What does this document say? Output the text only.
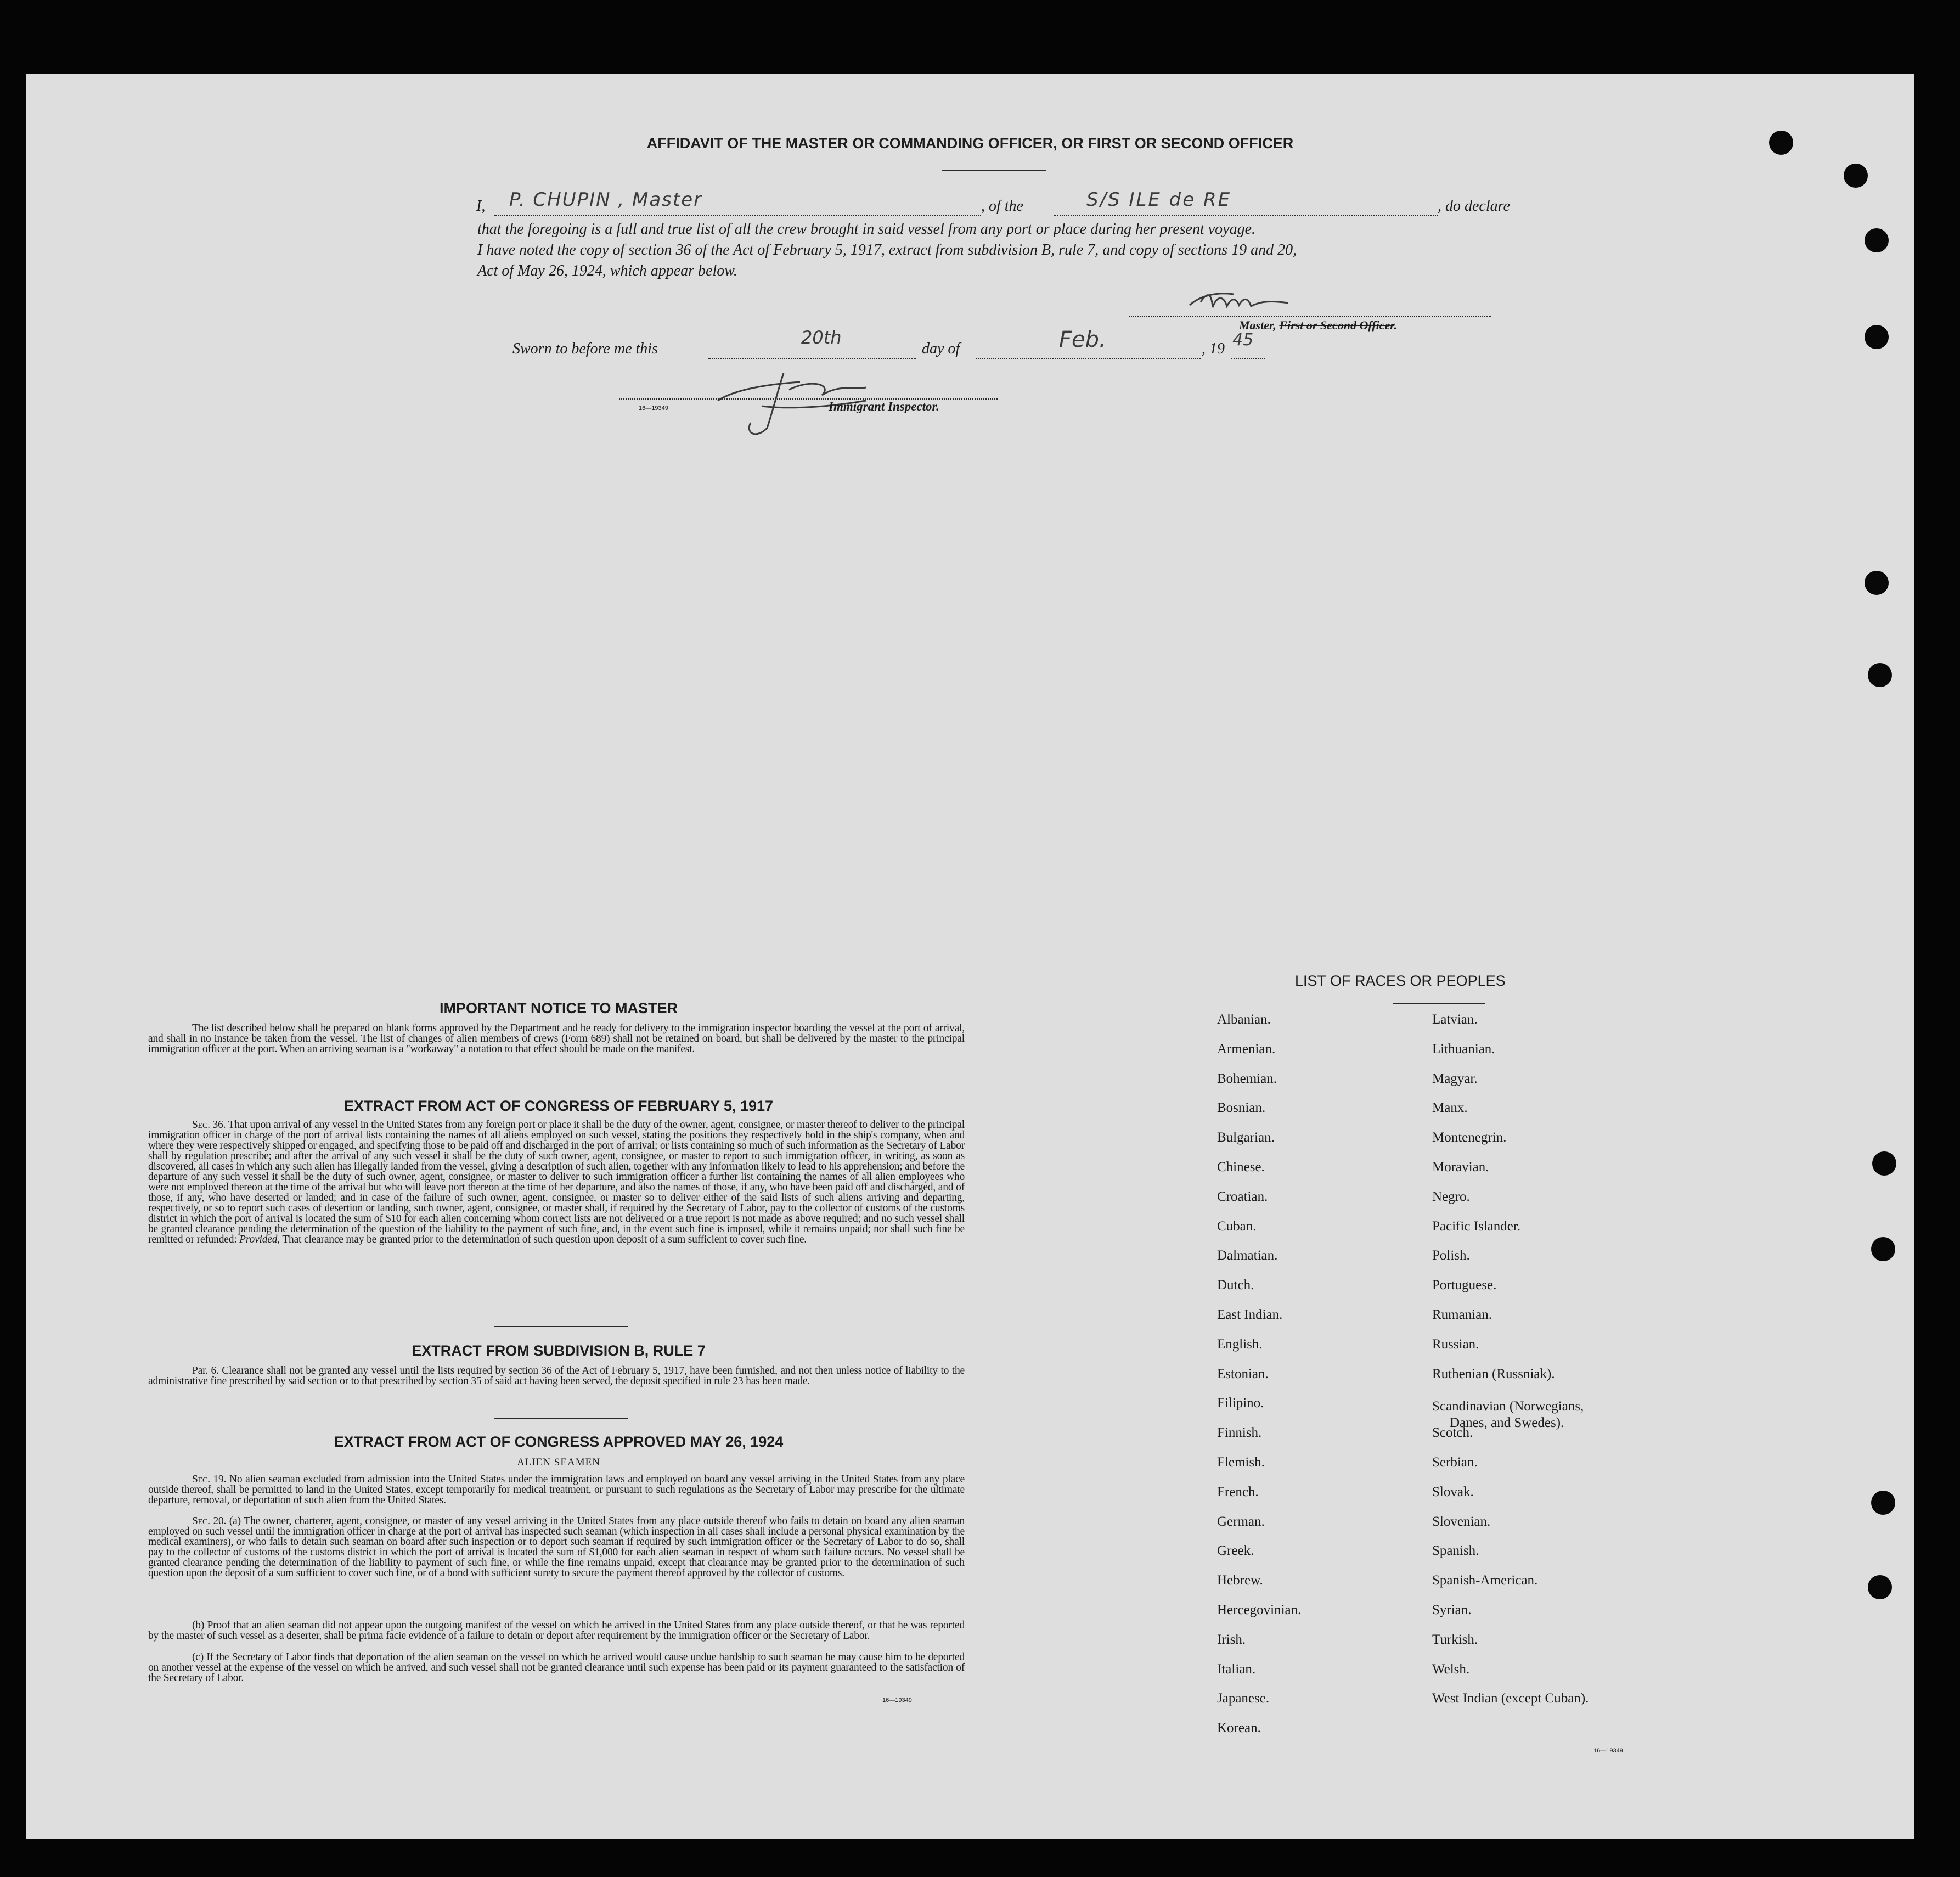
AFFIDAVIT OF THE MASTER OR COMMANDING OFFICER, OR FIRST OR SECOND OFFICER
I, P. CHUPIN , Master	, of the	S/S ILE de RE	, do declare
that the foregoing is a full and true list of all the crew brought in said vessel from any port or place during her present voyage.
I have noted the copy of section 36 of the Act of February 5, 1917, extract from subdivision B, rule 7, and copy of sections 19 and 20,
Act of May 26, 1924, which appear below.
Master, First or Second Officer.
Sworn to before me this
20th
day of	Feb.	, 19 45
16—19349	Immigrant Inspector.
IMPORTANT NOTICE TO MASTER
The list described below shall be prepared on blank forms approved by the Department and be ready for delivery to the immigration inspector boarding the vessel at the port of arrival, and shall in no instance be taken from the vessel. The list of changes of alien members of crews (Form 689) shall not be retained on board, but shall be delivered by the master to the principal immigration officer at the port. When an arriving seaman is a "workaway" a notation to that effect should be made on the manifest.
EXTRACT FROM ACT OF CONGRESS OF FEBRUARY 5, 1917
Sec. 36. That upon arrival of any vessel in the United States from any foreign port or place it shall be the duty of the owner, agent, consignee, or master thereof to deliver to the principal immigration officer in charge of the port of arrival lists containing the names of all aliens employed on such vessel, stating the positions they respectively hold in the ship's company, when and where they were respectively shipped or engaged, and specifying those to be paid off and discharged in the port of arrival; or lists containing so much of such information as the Secretary of Labor shall by regulation prescribe; and after the arrival of any such vessel it shall be the duty of such owner, agent, consignee, or master to report to such immigration officer, in writing, as soon as discovered, all cases in which any such alien has illegally landed from the vessel, giving a description of such alien, together with any information likely to lead to his apprehension; and before the departure of any such vessel it shall be the duty of such owner, agent, consignee, or master to deliver to such immigration officer a further list containing the names of all alien employees who were not employed thereon at the time of the arrival but who will leave port thereon at the time of her departure, and also the names of those, if any, who have been paid off and discharged, and of those, if any, who have deserted or landed; and in case of the failure of such owner, agent, consignee, or master so to deliver either of the said lists of such aliens arriving and departing, respectively, or so to report such cases of desertion or landing, such owner, agent, consignee, or master shall, if required by the Secretary of Labor, pay to the collector of customs of the customs district in which the port of arrival is located the sum of $10 for each alien concerning whom correct lists are not delivered or a true report is not made as above required; and no such vessel shall be granted clearance pending the determination of the question of the liability to the payment of such fine, and, in the event such fine is imposed, while it remains unpaid; nor shall such fine be remitted or refunded: Provided, That clearance may be granted prior to the determination of such question upon deposit of a sum sufficient to cover such fine.
EXTRACT FROM SUBDIVISION B, RULE 7
Par. 6. Clearance shall not be granted any vessel until the lists required by section 36 of the Act of February 5, 1917, have been furnished, and not then unless notice of liability to the administrative fine prescribed by said section or to that prescribed by section 35 of said act having been served, the deposit specified in rule 23 has been made.
EXTRACT FROM ACT OF CONGRESS APPROVED MAY 26, 1924
ALIEN SEAMEN
Sec. 19. No alien seaman excluded from admission into the United States under the immigration laws and employed on board any vessel arriving in the United States from any place outside thereof, shall be permitted to land in the United States, except temporarily for medical treatment, or pursuant to such regulations as the Secretary of Labor may prescribe for the ultimate departure, removal, or deportation of such alien from the United States.
Sec. 20. (a) The owner, charterer, agent, consignee, or master of any vessel arriving in the United States from any place outside thereof who fails to detain on board any alien seaman employed on such vessel until the immigration officer in charge at the port of arrival has inspected such seaman (which inspection in all cases shall include a personal physical examination by the medical examiners), or who fails to detain such seaman on board after such inspection or to deport such seaman if required by such immigration officer or the Secretary of Labor to do so, shall pay to the collector of customs of the customs district in which the port of arrival is located the sum of $1,000 for each alien seaman in respect of whom such failure occurs. No vessel shall be granted clearance pending the determination of the liability to payment of such fine, or while the fine remains unpaid, except that clearance may be granted prior to the determination of such question upon the deposit of a sum sufficient to cover such fine, or of a bond with sufficient surety to secure the payment thereof approved by the collector of customs.
(b) Proof that an alien seaman did not appear upon the outgoing manifest of the vessel on which he arrived in the United States from any place outside thereof, or that he was reported by the master of such vessel as a deserter, shall be prima facie evidence of a failure to detain or deport after requirement by the immigration officer or the Secretary of Labor.
(c) If the Secretary of Labor finds that deportation of the alien seaman on the vessel on which he arrived would cause undue hardship to such seaman he may cause him to be deported on another vessel at the expense of the vessel on which he arrived, and such vessel shall not be granted clearance until such expense has been paid or its payment guaranteed to the satisfaction of the Secretary of Labor.
16—19349
LIST OF RACES OR PEOPLES
Albanian.
Armenian.
Bohemian.
Bosnian.
Bulgarian.
Chinese.
Croatian.
Cuban.
Dalmatian.
Dutch.
East Indian.
English.
Estonian.
Filipino.
Finnish.
Flemish.
French.
German.
Greek.
Hebrew.
Hercegovinian.
Irish.
Italian.
Japanese.
Korean.
Latvian.
Lithuanian.
Magyar.
Manx.
Montenegrin.
Moravian.
Negro.
Pacific Islander.
Polish.
Portuguese.
Rumanian.
Russian.
Ruthenian (Russniak).
Scandinavian (Norwegians,
Danes, and Swedes).
Scotch.
Serbian.
Slovak.
Slovenian.
Spanish.
Spanish-American.
Syrian.
Turkish.
Welsh.
West Indian (except Cuban).
16—19349
